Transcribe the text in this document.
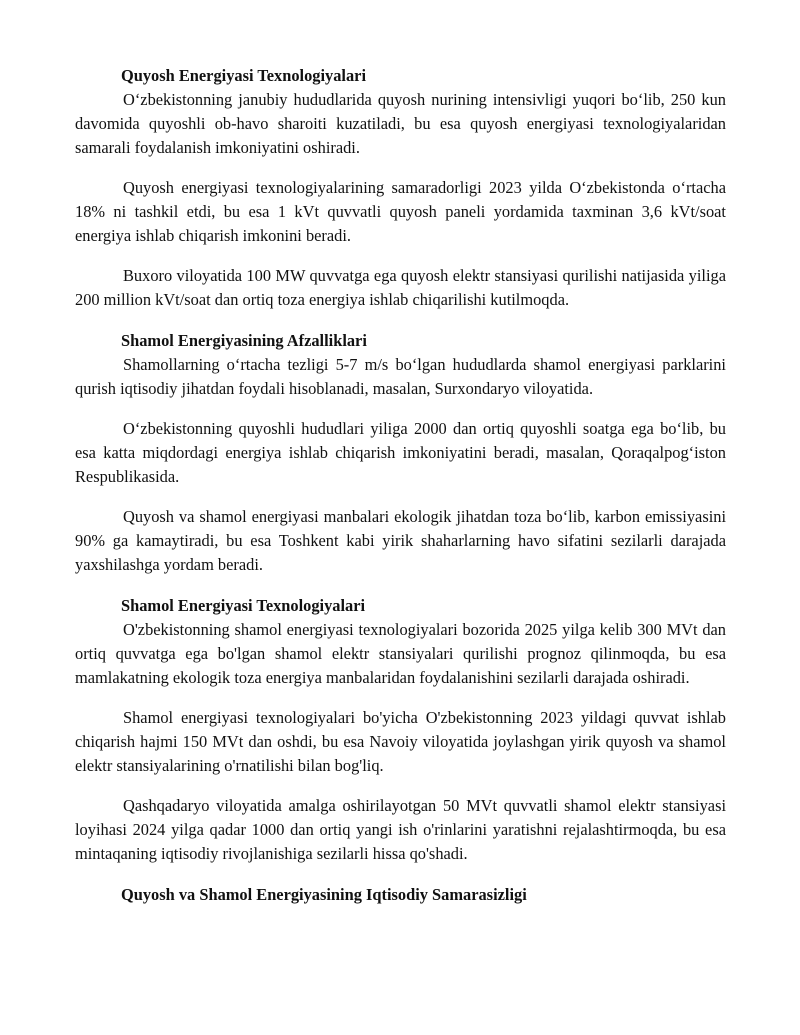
Quyosh Energiyasi Texnologiyalari

O‘zbekistonning janubiy hududlarida quyosh nurining intensivligi yuqori bo‘lib, 250 kun davomida quyoshli ob-havo sharoiti kuzatiladi, bu esa quyosh energiyasi texnologiyalaridan samarali foydalanish imkoniyatini oshiradi.

Quyosh energiyasi texnologiyalarining samaradorligi 2023 yilda O‘zbekistonda o‘rtacha 18% ni tashkil etdi, bu esa 1 kVt quvvatli quyosh paneli yordamida taxminan 3,6 kVt/soat energiya ishlab chiqarish imkonini beradi.

Buxoro viloyatida 100 MW quvvatga ega quyosh elektr stansiyasi qurilishi natijasida yiliga 200 million kVt/soat dan ortiq toza energiya ishlab chiqarilishi kutilmoqda.

Shamol Energiyasining Afzalliklari

Shamollarning o‘rtacha tezligi 5-7 m/s bo‘lgan hududlarda shamol energiyasi parklarini qurish iqtisodiy jihatdan foydali hisoblanadi, masalan, Surxondaryo viloyatida.

O‘zbekistonning quyoshli hududlari yiliga 2000 dan ortiq quyoshli soatga ega bo‘lib, bu esa katta miqdordagi energiya ishlab chiqarish imkoniyatini beradi, masalan, Qoraqalpog‘iston Respublikasida.

Quyosh va shamol energiyasi manbalari ekologik jihatdan toza bo‘lib, karbon emissiyasini 90% ga kamaytiradi, bu esa Toshkent kabi yirik shaharlarning havo sifatini sezilarli darajada yaxshilashga yordam beradi.

Shamol Energiyasi Texnologiyalari

O'zbekistonning shamol energiyasi texnologiyalari bozorida 2025 yilga kelib 300 MVt dan ortiq quvvatga ega bo'lgan shamol elektr stansiyalari qurilishi prognoz qilinmoqda, bu esa mamlakatning ekologik toza energiya manbalaridan foydalanishini sezilarli darajada oshiradi.

Shamol energiyasi texnologiyalari bo'yicha O'zbekistonning 2023 yildagi quvvat ishlab chiqarish hajmi 150 MVt dan oshdi, bu esa Navoiy viloyatida joylashgan yirik quyosh va shamol elektr stansiyalarining o'rnatilishi bilan bog'liq.

Qashqadaryo viloyatida amalga oshirilayotgan 50 MVt quvvatli shamol elektr stansiyasi loyihasi 2024 yilga qadar 1000 dan ortiq yangi ish o'rinlarini yaratishni rejalashtirmoqda, bu esa mintaqaning iqtisodiy rivojlanishiga sezilarli hissa qo'shadi.

Quyosh va Shamol Energiyasining Iqtisodiy Samarasizligi
